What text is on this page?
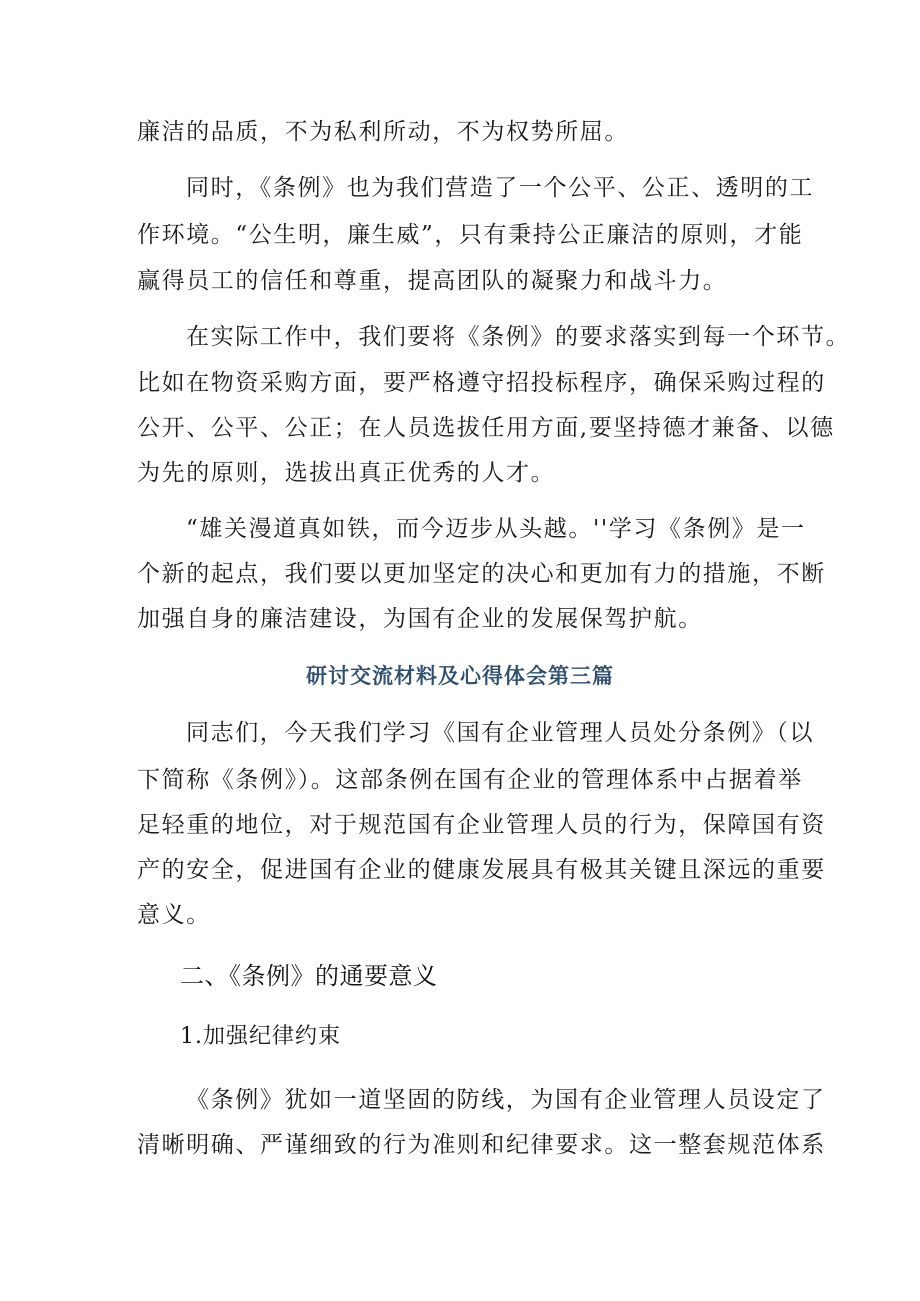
廉洁的品质，不为私利所动，不为权势所屈。
同时，《条例》也为我们营造了一个公平、公正、透明的工
作环境。“公生明，廉生威”，只有秉持公正廉洁的原则，才能
赢得员工的信任和尊重，提高团队的凝聚力和战斗力。
在实际工作中，我们要将《条例》的要求落实到每一个环节。
比如在物资采购方面，要严格遵守招投标程序，确保采购过程的
公开、公平、公正；在人员选拔任用方面,要坚持德才兼备、以德
为先的原则，选拔出真正优秀的人才。
“雄关漫道真如铁，而今迈步从头越。''学习《条例》是一
个新的起点，我们要以更加坚定的决心和更加有力的措施，不断
加强自身的廉洁建设，为国有企业的发展保驾护航。
研讨交流材料及心得体会第三篇
同志们，今天我们学习《国有企业管理人员处分条例》（以
下简称《条例》）。这部条例在国有企业的管理体系中占据着举
足轻重的地位，对于规范国有企业管理人员的行为，保障国有资
产的安全，促进国有企业的健康发展具有极其关键且深远的重要
意义。
二、《条例》的通要意义
1.加强纪律约束
《条例》犹如一道坚固的防线，为国有企业管理人员设定了
清晰明确、严谨细致的行为准则和纪律要求。这一整套规范体系
